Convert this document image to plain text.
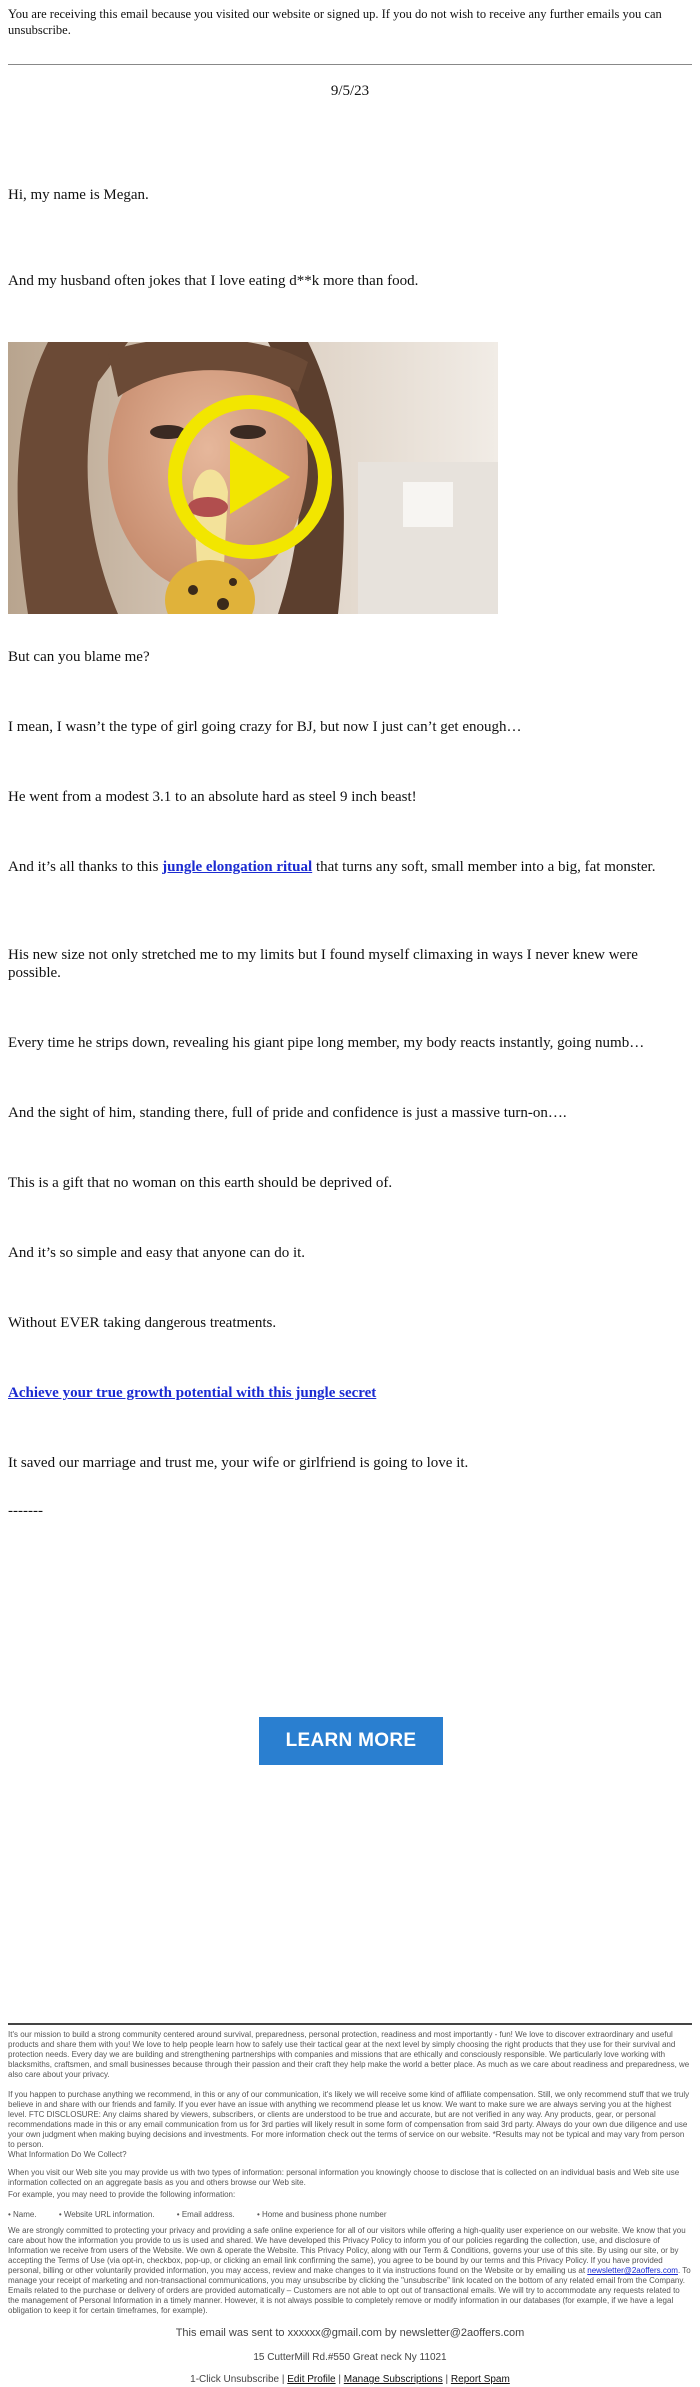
You are receiving this email because you visited our website or signed up. If you do not wish to receive any further emails you can unsubscribe.
9/5/23
Hi, my name is Megan.
And my husband often jokes that I love eating d**k more than food.
But can you blame me?
I mean, I wasn’t the type of girl going crazy for BJ, but now I just can’t get enough…
He went from a modest 3.1 to an absolute hard as steel 9 inch beast!
And it’s all thanks to this jungle elongation ritual that turns any soft, small member into a big, fat monster.
His new size not only stretched me to my limits but I found myself climaxing in ways I never knew were possible.
Every time he strips down, revealing his giant pipe long member, my body reacts instantly, going numb…
And the sight of him, standing there, full of pride and confidence is just a massive turn-on….
This is a gift that no woman on this earth should be deprived of.
And it’s so simple and easy that anyone can do it.
Without EVER taking dangerous treatments.
Achieve your true growth potential with this jungle secret
It saved our marriage and trust me, your wife or girlfriend is going to love it.
-------
LEARN MORE
It's our mission to build a strong community centered around survival, preparedness, personal protection, readiness and most importantly - fun! We love to discover extraordinary and useful products and share them with you! We love to help people learn how to safely use their tactical gear at the next level by simply choosing the right products that they use for their survival and protection needs. Every day we are building and strengthening partnerships with companies and missions that are ethically and consciously responsible. We particularly love working with blacksmiths, craftsmen, and small businesses because through their passion and their craft they help make the world a better place. As much as we care about readiness and preparedness, we also care about your privacy.
If you happen to purchase anything we recommend, in this or any of our communication, it's likely we will receive some kind of affiliate compensation. Still, we only recommend stuff that we truly believe in and share with our friends and family. If you ever have an issue with anything we recommend please let us know. We want to make sure we are always serving you at the highest level. FTC DISCLOSURE: Any claims shared by viewers, subscribers, or clients are understood to be true and accurate, but are not verified in any way. Any products, gear, or personal recommendations made in this or any email communication from us for 3rd parties will likely result in some form of compensation from said 3rd party. Always do your own due diligence and use your own judgment when making buying decisions and investments. For more information check out the terms of service on our website. *Results may not be typical and may vary from person to person.
What Information Do We Collect?
When you visit our Web site you may provide us with two types of information: personal information you knowingly choose to disclose that is collected on an individual basis and Web site use information collected on an aggregate basis as you and others browse our Web site.
For example, you may need to provide the following information:
• Name.	• Website URL information.	• Email address.	• Home and business phone number
We are strongly committed to protecting your privacy and providing a safe online experience for all of our visitors while offering a high-quality user experience on our website. We know that you care about how the information you provide to us is used and shared. We have developed this Privacy Policy to inform you of our policies regarding the collection, use, and disclosure of Information we receive from users of the Website. We own & operate the Website. This Privacy Policy, along with our Term & Conditions, governs your use of this site. By using our site, or by accepting the Terms of Use (via opt-in, checkbox, pop-up, or clicking an email link confirming the same), you agree to be bound by our terms and this Privacy Policy. If you have provided personal, billing or other voluntarily provided information, you may access, review and make changes to it via instructions found on the Website or by emailing us at newsletter@2aoffers.com. To manage your receipt of marketing and non-transactional communications, you may unsubscribe by clicking the "unsubscribe" link located on the bottom of any related email from the Company. Emails related to the purchase or delivery of orders are provided automatically – Customers are not able to opt out of transactional emails. We will try to accommodate any requests related to the management of Personal Information in a timely manner. However, it is not always possible to completely remove or modify information in our databases (for example, if we have a legal obligation to keep it for certain timeframes, for example).
This email was sent to xxxxxx@gmail.com by newsletter@2aoffers.com
15 CutterMill Rd.#550 Great neck Ny 11021
1-Click Unsubscribe | Edit Profile | Manage Subscriptions | Report Spam
